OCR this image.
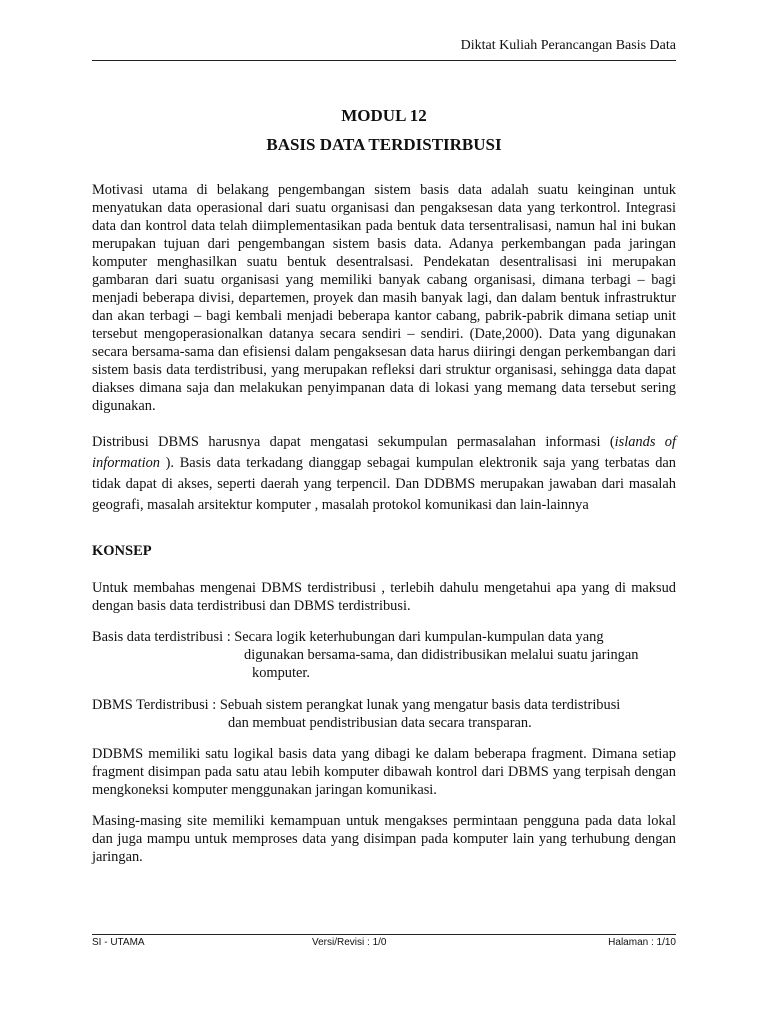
Diktat Kuliah Perancangan Basis Data
MODUL 12
BASIS DATA TERDISTIRBUSI
Motivasi utama di belakang pengembangan sistem basis data adalah suatu keinginan untuk menyatukan data operasional dari suatu organisasi dan pengaksesan data yang terkontrol. Integrasi data dan kontrol data telah diimplementasikan pada bentuk data tersentralisasi, namun hal ini bukan merupakan tujuan dari pengembangan sistem basis data. Adanya perkembangan pada jaringan komputer menghasilkan suatu bentuk desentralsasi. Pendekatan desentralisasi ini merupakan gambaran dari suatu organisasi yang memiliki banyak cabang organisasi, dimana terbagi – bagi menjadi beberapa divisi, departemen, proyek dan masih banyak lagi, dan dalam bentuk infrastruktur dan akan terbagi – bagi kembali menjadi beberapa kantor cabang, pabrik-pabrik dimana setiap unit tersebut mengoperasionalkan datanya secara sendiri – sendiri. (Date,2000). Data yang digunakan secara bersama-sama dan efisiensi dalam pengaksesan data harus diiringi dengan perkembangan dari sistem basis data terdistribusi, yang merupakan refleksi dari struktur organisasi, sehingga data dapat diakses dimana saja dan melakukan penyimpanan data di lokasi yang memang data tersebut sering digunakan.
Distribusi DBMS harusnya dapat mengatasi sekumpulan permasalahan informasi (islands of information ). Basis data terkadang dianggap sebagai kumpulan elektronik saja yang terbatas dan tidak dapat di akses, seperti daerah yang terpencil. Dan DDBMS merupakan jawaban dari masalah geografi, masalah arsitektur komputer , masalah protokol komunikasi dan lain-lainnya
KONSEP
Untuk membahas mengenai DBMS terdistribusi , terlebih dahulu mengetahui apa yang di maksud dengan basis data terdistribusi dan DBMS terdistribusi.
Basis data terdistribusi : Secara logik keterhubungan dari kumpulan-kumpulan data yang
digunakan bersama-sama, dan didistribusikan melalui suatu jaringan
komputer.
DBMS Terdistribusi : Sebuah sistem perangkat lunak yang mengatur basis data terdistribusi
dan membuat pendistribusian data secara transparan.
DDBMS memiliki satu logikal basis data yang dibagi ke dalam beberapa fragment. Dimana setiap fragment disimpan pada satu atau lebih komputer dibawah kontrol dari DBMS yang terpisah dengan mengkoneksi komputer menggunakan jaringan komunikasi.
Masing-masing site memiliki kemampuan untuk mengakses permintaan pengguna pada data lokal dan juga mampu untuk memproses data yang disimpan pada komputer lain yang terhubung dengan jaringan.
SI - UTAMA	Versi/Revisi : 1/0	Halaman : 1/10
